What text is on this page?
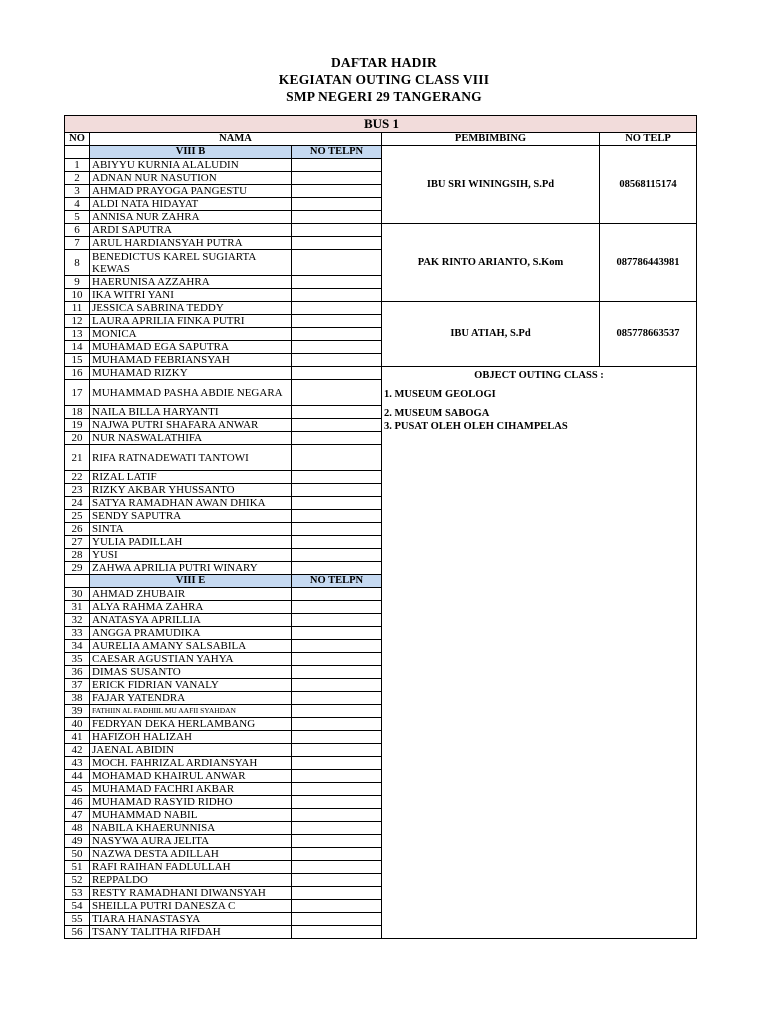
DAFTAR HADIR
KEGIATAN OUTING CLASS VIII
SMP NEGERI 29 TANGERANG
BUS 1				
NO	NAMA		PEMBIMBING	NO TELP
	VIII B	NO TELPN	IBU SRI WININGSIH, S.Pd	08568115174
1	ABIYYU KURNIA ALALUDIN			
2	ADNAN NUR NASUTION			
3	AHMAD PRAYOGA PANGESTU			
4	ALDI NATA HIDAYAT			
5	ANNISA NUR ZAHRA			
6	ARDI SAPUTRA		PAK RINTO ARIANTO, S.Kom	087786443981
7	ARUL HARDIANSYAH PUTRA			
8	BENEDICTUS KAREL SUGIARTA KEWAS			
9	HAERUNISA AZZAHRA			
10	IKA WITRI YANI			
11	JESSICA SABRINA TEDDY		IBU ATIAH, S.Pd	085778663537
12	LAURA APRILIA FINKA PUTRI			
13	MONICA			
14	MUHAMAD EGA SAPUTRA			
15	MUHAMAD FEBRIANSYAH			
16	MUHAMAD RIZKY		OBJECT OUTING CLASS :
1. MUSEUM GEOLOGI
2. MUSEUM SABOGA
3. PUSAT OLEH OLEH CIHAMPELAS	

17	MUHAMMAD PASHA ABDIE NEGARA			
18	NAILA BILLA HARYANTI			
19	NAJWA PUTRI SHAFARA ANWAR			
20	NUR NASWALATHIFA			
21	RIFA RATNADEWATI TANTOWI			
22	RIZAL LATIF			
23	RIZKY AKBAR YHUSSANTO			
24	SATYA RAMADHAN AWAN DHIKA			
25	SENDY SAPUTRA			
26	SINTA			
27	YULIA PADILLAH			
28	YUSI			
29	ZAHWA APRILIA PUTRI WINARY			
	VIII E	NO TELPN		
30	AHMAD ZHUBAIR			
31	ALYA RAHMA ZAHRA			
32	ANATASYA APRILLIA			
33	ANGGA PRAMUDIKA			
34	AURELIA AMANY SALSABILA			
35	CAESAR AGUSTIAN YAHYA			
36	DIMAS SUSANTO			
37	ERICK FIDRIAN VANALY			
38	FAJAR YATENDRA			
39	FATHIIN AL FADHIIL MU AAFII SYAHDAN			
40	FEDRYAN DEKA HERLAMBANG			
41	HAFIZOH HALIZAH			
42	JAENAL ABIDIN			
43	MOCH. FAHRIZAL ARDIANSYAH			
44	MOHAMAD KHAIRUL ANWAR			
45	MUHAMAD FACHRI AKBAR			
46	MUHAMAD RASYID RIDHO			
47	MUHAMMAD NABIL			
48	NABILA KHAERUNNISA			
49	NASYWA AURA JELITA			
50	NAZWA DESTA ADILLAH			
51	RAFI RAIHAN FADLULLAH			
52	REPPALDO			
53	RESTY RAMADHANI DIWANSYAH			
54	SHEILLA PUTRI DANESZA C			
55	TIARA HANASTASYA			
56	TSANY TALITHA RIFDAH			
